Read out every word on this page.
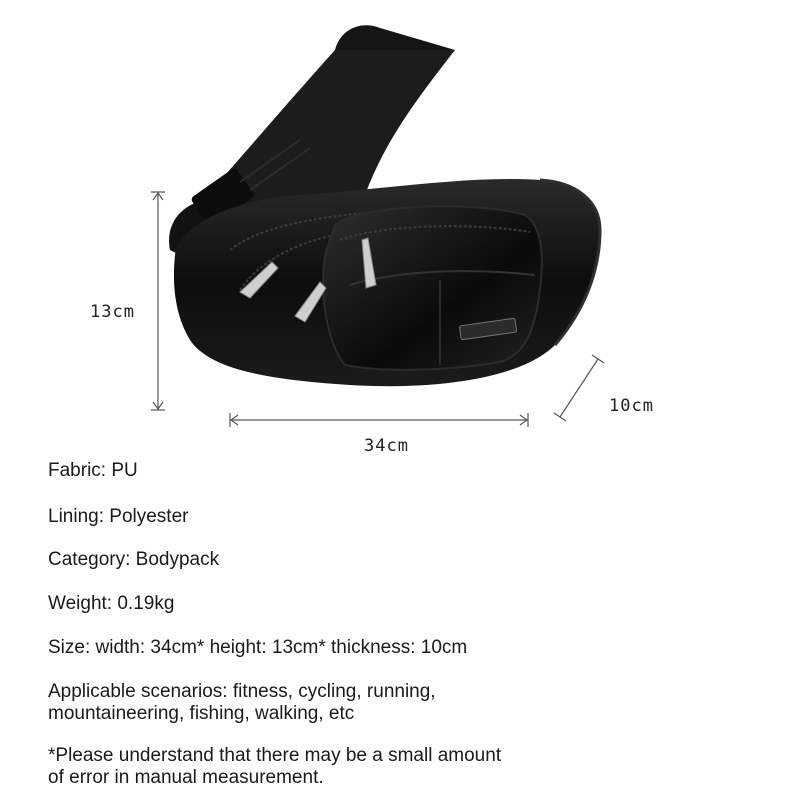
13cm
34cm
10cm

Fabric: PU

Lining: Polyester

Category: Bodypack

Weight: 0.19kg

Size: width: 34cm* height: 13cm* thickness: 10cm

Applicable scenarios: fitness, cycling, running,

mountaineering, fishing, walking, etc

*Please understand that there may be a small amount

of error in manual measurement.
